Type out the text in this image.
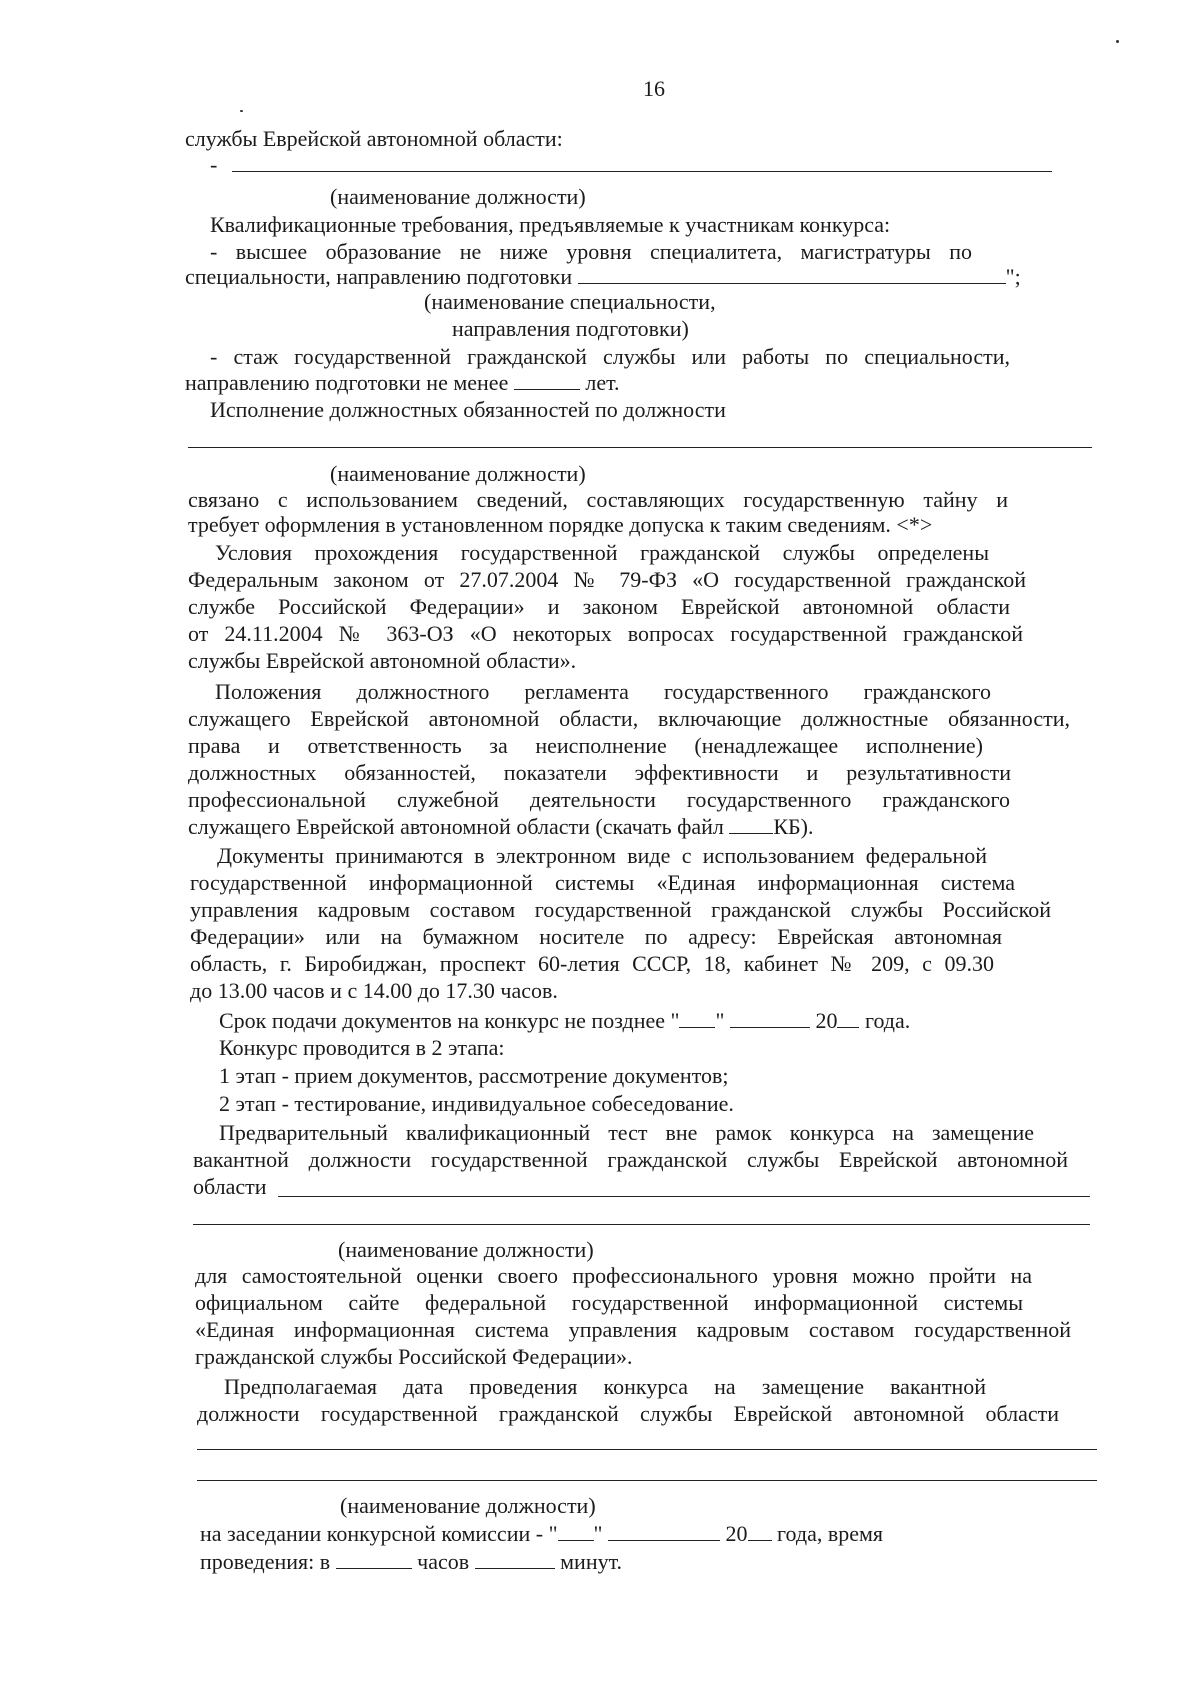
16
службы Еврейской автономной области:
-
(наименование должности)
Квалификационные требования, предъявляемые к участникам конкурса:
- высшее образование не ниже уровня специалитета, магистратуры по
специальности, направлению подготовки	";
(наименование специальности,
направления подготовки)
- стаж государственной гражданской службы или работы по специальности,
направлению подготовки не менее	лет.
Исполнение должностных обязанностей по должности
(наименование должности)
связано с использованием сведений, составляющих государственную тайну и
требует оформления в установленном порядке допуска к таким сведениям. <*>
Условия прохождения государственной гражданской службы определены
Федеральным законом от 27.07.2004 № 79-ФЗ «О государственной гражданской
службе Российской Федерации» и законом Еврейской автономной области
от 24.11.2004 № 363-ОЗ «О некоторых вопросах государственной гражданской
службы Еврейской автономной области».
Положения должностного регламента государственного гражданского
служащего Еврейской автономной области, включающие должностные обязанности,
права и ответственность за неисполнение (ненадлежащее исполнение)
должностных обязанностей, показатели эффективности и результативности
профессиональной служебной деятельности государственного гражданского
служащего Еврейской автономной области (скачать файл КБ).
Документы принимаются в электронном виде с использованием федеральной
государственной информационной системы «Единая информационная система
управления кадровым составом государственной гражданской службы Российской
Федерации» или на бумажном носителе по адресу: Еврейская автономная
область, г. Биробиджан, проспект 60-летия СССР, 18, кабинет № 209, с 09.30
до 13.00 часов и с 14.00 до 17.30 часов.
Срок подачи документов на конкурс не позднее " "	20 года.
Конкурс проводится в 2 этапа:
1 этап - прием документов, рассмотрение документов;
2 этап - тестирование, индивидуальное собеседование.
Предварительный квалификационный тест вне рамок конкурса на замещение
вакантной должности государственной гражданской службы Еврейской автономной
области
(наименование должности)
для самостоятельной оценки своего профессионального уровня можно пройти на
официальном сайте федеральной государственной информационной системы
«Единая информационная система управления кадровым составом государственной
гражданской службы Российской Федерации».
Предполагаемая дата проведения конкурса на замещение вакантной
должности государственной гражданской службы Еврейской автономной области
(наименование должности)
на заседании конкурсной комиссии - " "	20 года, время
проведения: в	часов	минут.
